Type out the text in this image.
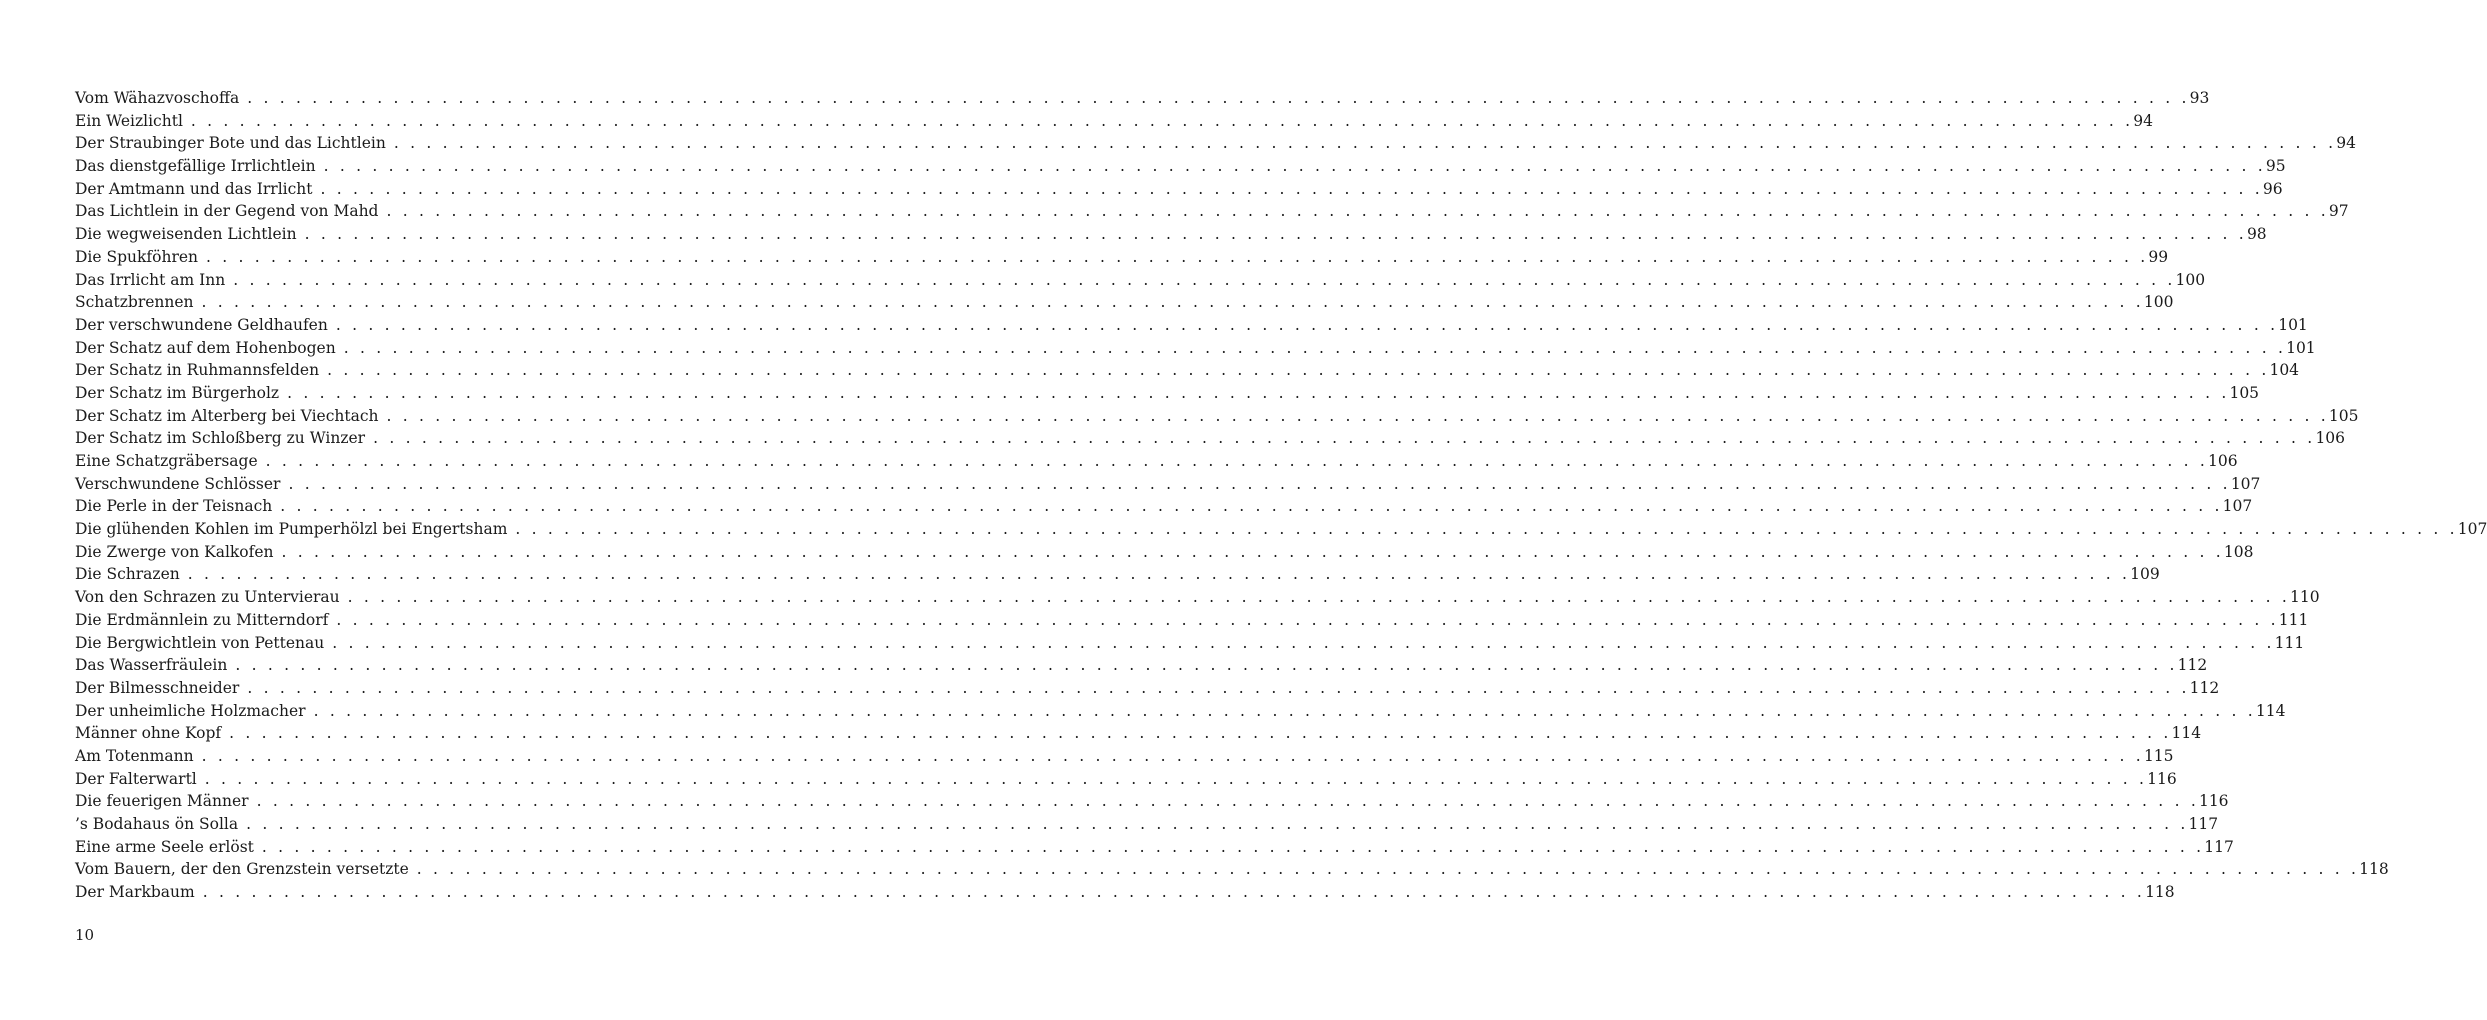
Vom Wähazvoschoffa . . . . . . . . . . . . . . . . . . . . . . . . . . . . . . . . . . . . . . . . . . . . . . . . . . . . . . . . . . . . . . . . . . . . . . . . . . . . . . . . . . . . . . . . . . . . . . . . . . . . . . . . . . . . . . . . . . . . . . . . 93
Ein Weizlichtl . . . . . . . . . . . . . . . . . . . . . . . . . . . . . . . . . . . . . . . . . . . . . . . . . . . . . . . . . . . . . . . . . . . . . . . . . . . . . . . . . . . . . . . . . . . . . . . . . . . . . . . . . . . . . . . . . . . . . . . . 94
Der Straubinger Bote und das Lichtlein . . . . . . . . . . . . . . . . . . . . . . . . . . . . . . . . . . . . . . . . . . . . . . . . . . . . . . . . . . . . . . . . . . . . . . . . . . . . . . . . . . . . . . . . . . . . . . . . . . . . . . . . . . . . . . . . . . . . . . . . 94
Das dienstgefällige Irrlichtlein . . . . . . . . . . . . . . . . . . . . . . . . . . . . . . . . . . . . . . . . . . . . . . . . . . . . . . . . . . . . . . . . . . . . . . . . . . . . . . . . . . . . . . . . . . . . . . . . . . . . . . . . . . . . . . . . . . . . . . . . 95
Der Amtmann und das Irrlicht . . . . . . . . . . . . . . . . . . . . . . . . . . . . . . . . . . . . . . . . . . . . . . . . . . . . . . . . . . . . . . . . . . . . . . . . . . . . . . . . . . . . . . . . . . . . . . . . . . . . . . . . . . . . . . . . . . . . . . . . 96
Das Lichtlein in der Gegend von Mahd . . . . . . . . . . . . . . . . . . . . . . . . . . . . . . . . . . . . . . . . . . . . . . . . . . . . . . . . . . . . . . . . . . . . . . . . . . . . . . . . . . . . . . . . . . . . . . . . . . . . . . . . . . . . . . . . . . . . . . . . 97
Die wegweisenden Lichtlein . . . . . . . . . . . . . . . . . . . . . . . . . . . . . . . . . . . . . . . . . . . . . . . . . . . . . . . . . . . . . . . . . . . . . . . . . . . . . . . . . . . . . . . . . . . . . . . . . . . . . . . . . . . . . . . . . . . . . . . . 98
Die Spukföhren . . . . . . . . . . . . . . . . . . . . . . . . . . . . . . . . . . . . . . . . . . . . . . . . . . . . . . . . . . . . . . . . . . . . . . . . . . . . . . . . . . . . . . . . . . . . . . . . . . . . . . . . . . . . . . . . . . . . . . . . 99
Das Irrlicht am Inn . . . . . . . . . . . . . . . . . . . . . . . . . . . . . . . . . . . . . . . . . . . . . . . . . . . . . . . . . . . . . . . . . . . . . . . . . . . . . . . . . . . . . . . . . . . . . . . . . . . . . . . . . . . . . . . . . . . . . . . . 100
Schatzbrennen . . . . . . . . . . . . . . . . . . . . . . . . . . . . . . . . . . . . . . . . . . . . . . . . . . . . . . . . . . . . . . . . . . . . . . . . . . . . . . . . . . . . . . . . . . . . . . . . . . . . . . . . . . . . . . . . . . . . . . . . 100
Der verschwundene Geldhaufen . . . . . . . . . . . . . . . . . . . . . . . . . . . . . . . . . . . . . . . . . . . . . . . . . . . . . . . . . . . . . . . . . . . . . . . . . . . . . . . . . . . . . . . . . . . . . . . . . . . . . . . . . . . . . . . . . . . . . . . . 101
Der Schatz auf dem Hohenbogen . . . . . . . . . . . . . . . . . . . . . . . . . . . . . . . . . . . . . . . . . . . . . . . . . . . . . . . . . . . . . . . . . . . . . . . . . . . . . . . . . . . . . . . . . . . . . . . . . . . . . . . . . . . . . . . . . . . . . . . . 101
Der Schatz in Ruhmannsfelden . . . . . . . . . . . . . . . . . . . . . . . . . . . . . . . . . . . . . . . . . . . . . . . . . . . . . . . . . . . . . . . . . . . . . . . . . . . . . . . . . . . . . . . . . . . . . . . . . . . . . . . . . . . . . . . . . . . . . . . . 104
Der Schatz im Bürgerholz . . . . . . . . . . . . . . . . . . . . . . . . . . . . . . . . . . . . . . . . . . . . . . . . . . . . . . . . . . . . . . . . . . . . . . . . . . . . . . . . . . . . . . . . . . . . . . . . . . . . . . . . . . . . . . . . . . . . . . . . 105
Der Schatz im Alterberg bei Viechtach . . . . . . . . . . . . . . . . . . . . . . . . . . . . . . . . . . . . . . . . . . . . . . . . . . . . . . . . . . . . . . . . . . . . . . . . . . . . . . . . . . . . . . . . . . . . . . . . . . . . . . . . . . . . . . . . . . . . . . . . 105
Der Schatz im Schloßberg zu Winzer . . . . . . . . . . . . . . . . . . . . . . . . . . . . . . . . . . . . . . . . . . . . . . . . . . . . . . . . . . . . . . . . . . . . . . . . . . . . . . . . . . . . . . . . . . . . . . . . . . . . . . . . . . . . . . . . . . . . . . . . 106
Eine Schatzgräbersage . . . . . . . . . . . . . . . . . . . . . . . . . . . . . . . . . . . . . . . . . . . . . . . . . . . . . . . . . . . . . . . . . . . . . . . . . . . . . . . . . . . . . . . . . . . . . . . . . . . . . . . . . . . . . . . . . . . . . . . . 106
Verschwundene Schlösser . . . . . . . . . . . . . . . . . . . . . . . . . . . . . . . . . . . . . . . . . . . . . . . . . . . . . . . . . . . . . . . . . . . . . . . . . . . . . . . . . . . . . . . . . . . . . . . . . . . . . . . . . . . . . . . . . . . . . . . . 107
Die Perle in der Teisnach . . . . . . . . . . . . . . . . . . . . . . . . . . . . . . . . . . . . . . . . . . . . . . . . . . . . . . . . . . . . . . . . . . . . . . . . . . . . . . . . . . . . . . . . . . . . . . . . . . . . . . . . . . . . . . . . . . . . . . . . 107
Die glühenden Kohlen im Pumperhölzl bei Engertsham . . . . . . . . . . . . . . . . . . . . . . . . . . . . . . . . . . . . . . . . . . . . . . . . . . . . . . . . . . . . . . . . . . . . . . . . . . . . . . . . . . . . . . . . . . . . . . . . . . . . . . . . . . . . . . . . . . . . . . . . 107
Die Zwerge von Kalkofen . . . . . . . . . . . . . . . . . . . . . . . . . . . . . . . . . . . . . . . . . . . . . . . . . . . . . . . . . . . . . . . . . . . . . . . . . . . . . . . . . . . . . . . . . . . . . . . . . . . . . . . . . . . . . . . . . . . . . . . . 108
Die Schrazen . . . . . . . . . . . . . . . . . . . . . . . . . . . . . . . . . . . . . . . . . . . . . . . . . . . . . . . . . . . . . . . . . . . . . . . . . . . . . . . . . . . . . . . . . . . . . . . . . . . . . . . . . . . . . . . . . . . . . . . . 109
Von den Schrazen zu Untervierau . . . . . . . . . . . . . . . . . . . . . . . . . . . . . . . . . . . . . . . . . . . . . . . . . . . . . . . . . . . . . . . . . . . . . . . . . . . . . . . . . . . . . . . . . . . . . . . . . . . . . . . . . . . . . . . . . . . . . . . . 110
Die Erdmännlein zu Mitterndorf . . . . . . . . . . . . . . . . . . . . . . . . . . . . . . . . . . . . . . . . . . . . . . . . . . . . . . . . . . . . . . . . . . . . . . . . . . . . . . . . . . . . . . . . . . . . . . . . . . . . . . . . . . . . . . . . . . . . . . . . 111
Die Bergwichtlein von Pettenau . . . . . . . . . . . . . . . . . . . . . . . . . . . . . . . . . . . . . . . . . . . . . . . . . . . . . . . . . . . . . . . . . . . . . . . . . . . . . . . . . . . . . . . . . . . . . . . . . . . . . . . . . . . . . . . . . . . . . . . . 111
Das Wasserfräulein . . . . . . . . . . . . . . . . . . . . . . . . . . . . . . . . . . . . . . . . . . . . . . . . . . . . . . . . . . . . . . . . . . . . . . . . . . . . . . . . . . . . . . . . . . . . . . . . . . . . . . . . . . . . . . . . . . . . . . . . 112
Der Bilmesschneider . . . . . . . . . . . . . . . . . . . . . . . . . . . . . . . . . . . . . . . . . . . . . . . . . . . . . . . . . . . . . . . . . . . . . . . . . . . . . . . . . . . . . . . . . . . . . . . . . . . . . . . . . . . . . . . . . . . . . . . . 112
Der unheimliche Holzmacher . . . . . . . . . . . . . . . . . . . . . . . . . . . . . . . . . . . . . . . . . . . . . . . . . . . . . . . . . . . . . . . . . . . . . . . . . . . . . . . . . . . . . . . . . . . . . . . . . . . . . . . . . . . . . . . . . . . . . . . . 114
Männer ohne Kopf . . . . . . . . . . . . . . . . . . . . . . . . . . . . . . . . . . . . . . . . . . . . . . . . . . . . . . . . . . . . . . . . . . . . . . . . . . . . . . . . . . . . . . . . . . . . . . . . . . . . . . . . . . . . . . . . . . . . . . . . 114
Am Totenmann . . . . . . . . . . . . . . . . . . . . . . . . . . . . . . . . . . . . . . . . . . . . . . . . . . . . . . . . . . . . . . . . . . . . . . . . . . . . . . . . . . . . . . . . . . . . . . . . . . . . . . . . . . . . . . . . . . . . . . . . 115
Der Falterwartl . . . . . . . . . . . . . . . . . . . . . . . . . . . . . . . . . . . . . . . . . . . . . . . . . . . . . . . . . . . . . . . . . . . . . . . . . . . . . . . . . . . . . . . . . . . . . . . . . . . . . . . . . . . . . . . . . . . . . . . . 116
Die feuerigen Männer . . . . . . . . . . . . . . . . . . . . . . . . . . . . . . . . . . . . . . . . . . . . . . . . . . . . . . . . . . . . . . . . . . . . . . . . . . . . . . . . . . . . . . . . . . . . . . . . . . . . . . . . . . . . . . . . . . . . . . . . 116
’s Bodahaus ön Solla . . . . . . . . . . . . . . . . . . . . . . . . . . . . . . . . . . . . . . . . . . . . . . . . . . . . . . . . . . . . . . . . . . . . . . . . . . . . . . . . . . . . . . . . . . . . . . . . . . . . . . . . . . . . . . . . . . . . . . . . 117
Eine arme Seele erlöst . . . . . . . . . . . . . . . . . . . . . . . . . . . . . . . . . . . . . . . . . . . . . . . . . . . . . . . . . . . . . . . . . . . . . . . . . . . . . . . . . . . . . . . . . . . . . . . . . . . . . . . . . . . . . . . . . . . . . . . . 117
Vom Bauern, der den Grenzstein versetzte . . . . . . . . . . . . . . . . . . . . . . . . . . . . . . . . . . . . . . . . . . . . . . . . . . . . . . . . . . . . . . . . . . . . . . . . . . . . . . . . . . . . . . . . . . . . . . . . . . . . . . . . . . . . . . . . . . . . . . . . 118
Der Markbaum . . . . . . . . . . . . . . . . . . . . . . . . . . . . . . . . . . . . . . . . . . . . . . . . . . . . . . . . . . . . . . . . . . . . . . . . . . . . . . . . . . . . . . . . . . . . . . . . . . . . . . . . . . . . . . . . . . . . . . . . 118
10
